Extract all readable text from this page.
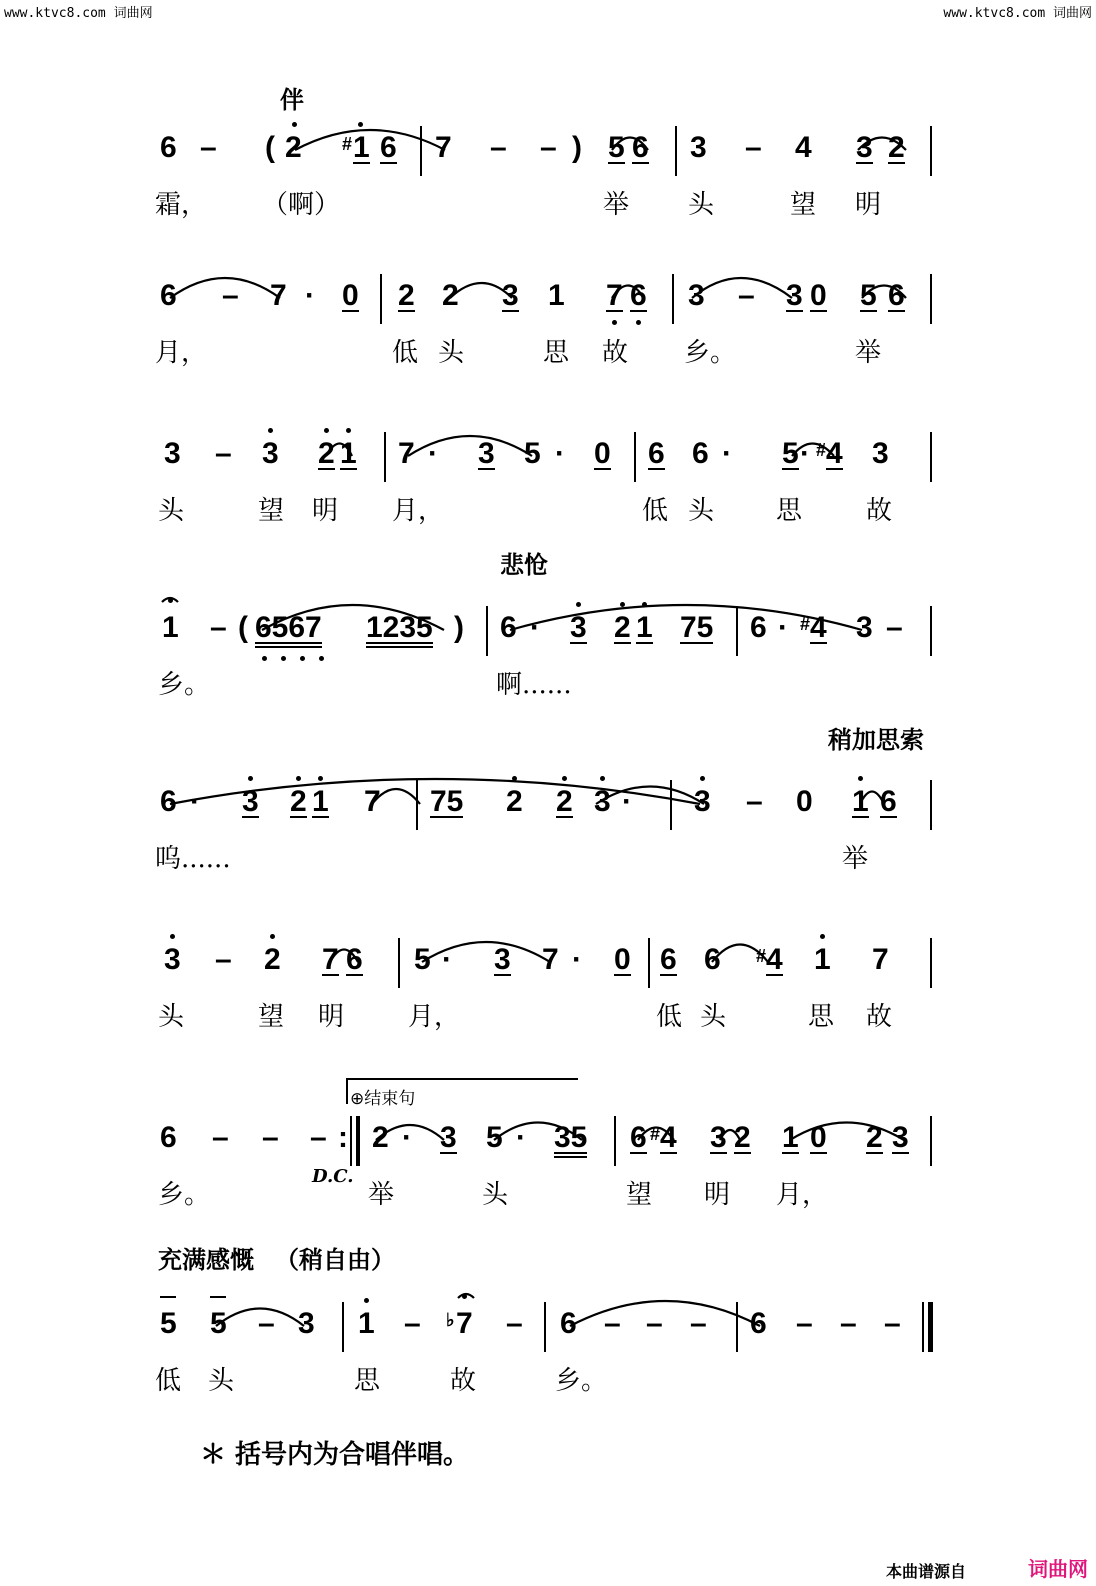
www.ktvc8.com 词曲网	www.ktvc8.com 词曲网
伴
6 – ( 2 # 1 6 7 – – ) 5 6 3 – 4 3 2
霜， （啊）	举 头	望 明
6 – 7 · 0 2 2 3 1 7 6 3 – 3 0 5 6
月，	低 头	思 故 乡。	举
3 – 3 2 1 7 · 3 5 · 0 6 6 · 5 · # 4 3
头	望 明 月，	低 头 思 故
悲怆
1 – ( 6567 1235 ) 6 · 3 2 1 75 6 · # 4 3 –
乡。	啊......
稍加思索
6 · 3 2 1 7 75 2 2 3 · 3 – 0 1 6
呜......	举
3 – 2 7 6 5 · 3 7 · 0 6 6 # 4 1 7
头	望 明 月，	低 头	思 故
⊕结束句
6 – – – : 2 · 3 5 · 35 6 # 4 3 2 1 0 2 3
乡。
D.C.
举	头	望 明 月，
充满感慨 （稍自由）
5 5 – 3 1 – ♭ 7 – 6 – – – 6 – – –
低 头	思	故	乡。
＊ 括号内为合唱伴唱。
本曲谱源自	词曲网
